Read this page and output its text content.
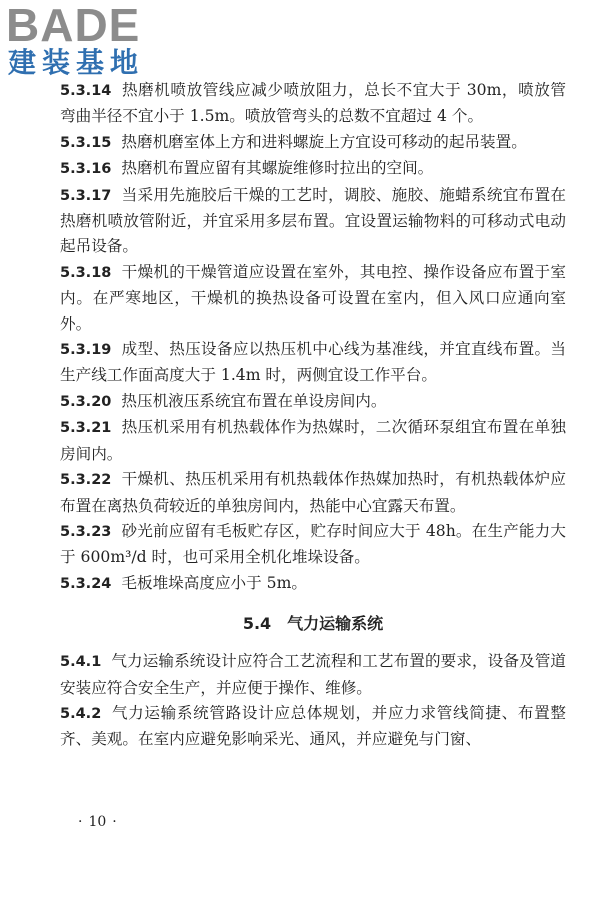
BADE
建装基地

5.3.14 热磨机喷放管线应减少喷放阻力，总长不宜大于 30m，喷放管弯曲半径不宜小于 1.5m。喷放管弯头的总数不宜超过 4 个。

5.3.15 热磨机磨室体上方和进料螺旋上方宜设可移动的起吊装置。

5.3.16 热磨机布置应留有其螺旋维修时拉出的空间。

5.3.17 当采用先施胶后干燥的工艺时，调胶、施胶、施蜡系统宜布置在热磨机喷放管附近，并宜采用多层布置。宜设置运输物料的可移动式电动起吊设备。

5.3.18 干燥机的干燥管道应设置在室外，其电控、操作设备应布置于室内。在严寒地区，干燥机的换热设备可设置在室内，但入风口应通向室外。

5.3.19 成型、热压设备应以热压机中心线为基准线，并宜直线布置。当生产线工作面高度大于 1.4m 时，两侧宜设工作平台。

5.3.20 热压机液压系统宜布置在单设房间内。

5.3.21 热压机采用有机热载体作为热媒时，二次循环泵组宜布置在单独房间内。

5.3.22 干燥机、热压机采用有机热载体作热媒加热时，有机热载体炉应布置在离热负荷较近的单独房间内，热能中心宜露天布置。

5.3.23 砂光前应留有毛板贮存区，贮存时间应大于 48h。在生产能力大于 600m³/d 时，也可采用全机化堆垛设备。

5.3.24 毛板堆垛高度应小于 5m。

5.4 气力运输系统

5.4.1 气力运输系统设计应符合工艺流程和工艺布置的要求，设备及管道安装应符合安全生产，并应便于操作、维修。

5.4.2 气力运输系统管路设计应总体规划，并应力求管线简捷、布置整齐、美观。在室内应避免影响采光、通风，并应避免与门窗、

· 10 ·
